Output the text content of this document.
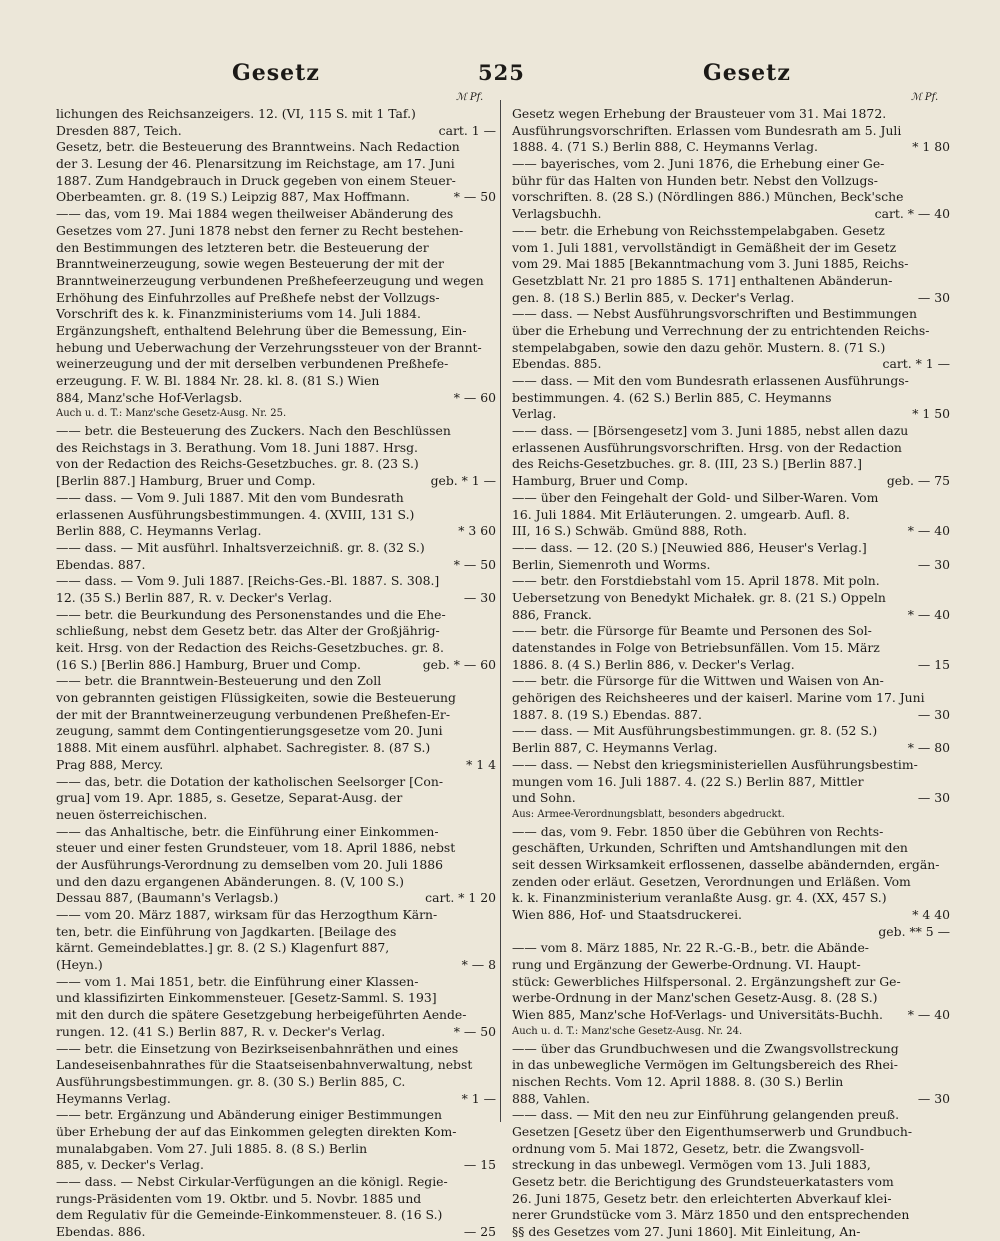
Gesetz	525	Gesetz
ℳ Pf.	ℳ Pf.
lichungen des Reichsanzeigers. 12. (VI, 115 S. mit 1 Taf.)
Dresden 887, Teich.	cart. 1 —
Gesetz, betr. die Besteuerung des Branntweins. Nach Redaction
der 3. Lesung der 46. Plenarsitzung im Reichstage, am 17. Juni
1887. Zum Handgebrauch in Druck gegeben von einem Steuer-
Oberbeamten. gr. 8. (19 S.) Leipzig 887, Max Hoffmann.	* — 50
—— das, vom 19. Mai 1884 wegen theilweiser Abänderung des
Gesetzes vom 27. Juni 1878 nebst den ferner zu Recht bestehen-
den Bestimmungen des letzteren betr. die Besteuerung der
Branntweinerzeugung, sowie wegen Besteuerung der mit der
Branntweinerzeugung verbundenen Preßhefeerzeugung und wegen
Erhöhung des Einfuhrzolles auf Preßhefe nebst der Vollzugs-
Vorschrift des k. k. Finanzministeriums vom 14. Juli 1884.
Ergänzungsheft, enthaltend Belehrung über die Bemessung, Ein-
hebung und Ueberwachung der Verzehrungssteuer von der Brannt-
weinerzeugung und der mit derselben verbundenen Preßhefe-
erzeugung. F. W. Bl. 1884 Nr. 28. kl. 8. (81 S.) Wien
884, Manz'sche Hof-Verlagsb.	* — 60
Auch u. d. T.: Manz'sche Gesetz-Ausg. Nr. 25.
—— betr. die Besteuerung des Zuckers. Nach den Beschlüssen
des Reichstags in 3. Berathung. Vom 18. Juni 1887. Hrsg.
von der Redaction des Reichs-Gesetzbuches. gr. 8. (23 S.)
[Berlin 887.] Hamburg, Bruer und Comp.	geb. * 1 —
—— dass. — Vom 9. Juli 1887. Mit den vom Bundesrath
erlassenen Ausführungsbestimmungen. 4. (XVIII, 131 S.)
Berlin 888, C. Heymanns Verlag.	* 3 60
—— dass. — Mit ausführl. Inhaltsverzeichniß. gr. 8. (32 S.)
Ebendas. 887.	* — 50
—— dass. — Vom 9. Juli 1887. [Reichs-Ges.-Bl. 1887. S. 308.]
12. (35 S.) Berlin 887, R. v. Decker's Verlag.	— 30
—— betr. die Beurkundung des Personenstandes und die Ehe-
schließung, nebst dem Gesetz betr. das Alter der Großjährig-
keit. Hrsg. von der Redaction des Reichs-Gesetzbuches. gr. 8.
(16 S.) [Berlin 886.] Hamburg, Bruer und Comp.	geb. * — 60
—— betr. die Branntwein-Besteuerung und den Zoll
von gebrannten geistigen Flüssigkeiten, sowie die Besteuerung
der mit der Branntweinerzeugung verbundenen Preßhefen-Er-
zeugung, sammt dem Contingentierungsgesetze vom 20. Juni
1888. Mit einem ausführl. alphabet. Sachregister. 8. (87 S.)
Prag 888, Mercy.	* 1 4
—— das, betr. die Dotation der katholischen Seelsorger [Con-
grua] vom 19. Apr. 1885, s. Gesetze, Separat-Ausg. der
neuen österreichischen.
—— das Anhaltische, betr. die Einführung einer Einkommen-
steuer und einer festen Grundsteuer, vom 18. April 1886, nebst
der Ausführungs-Verordnung zu demselben vom 20. Juli 1886
und den dazu ergangenen Abänderungen. 8. (V, 100 S.)
Dessau 887, (Baumann's Verlagsb.)	cart. * 1 20
—— vom 20. März 1887, wirksam für das Herzogthum Kärn-
ten, betr. die Einführung von Jagdkarten. [Beilage des
kärnt. Gemeindeblattes.] gr. 8. (2 S.) Klagenfurt 887,
(Heyn.)	* — 8
—— vom 1. Mai 1851, betr. die Einführung einer Klassen-
und klassifizirten Einkommensteuer. [Gesetz-Samml. S. 193]
mit den durch die spätere Gesetzgebung herbeigeführten Aende-
rungen. 12. (41 S.) Berlin 887, R. v. Decker's Verlag.	* — 50
—— betr. die Einsetzung von Bezirkseisenbahnräthen und eines
Landeseisenbahnrathes für die Staatseisenbahnverwaltung, nebst
Ausführungsbestimmungen. gr. 8. (30 S.) Berlin 885, C.
Heymanns Verlag.	* 1 —
—— betr. Ergänzung und Abänderung einiger Bestimmungen
über Erhebung der auf das Einkommen gelegten direkten Kom-
munalabgaben. Vom 27. Juli 1885. 8. (8 S.) Berlin
885, v. Decker's Verlag.	— 15
—— dass. — Nebst Cirkular-Verfügungen an die königl. Regie-
rungs-Präsidenten vom 19. Oktbr. und 5. Novbr. 1885 und
dem Regulativ für die Gemeinde-Einkommensteuer. 8. (16 S.)
Ebendas. 886.	— 25
Gesetz wegen Erhebung der Brausteuer vom 31. Mai 1872.
Ausführungsvorschriften. Erlassen vom Bundesrath am 5. Juli
1888. 4. (71 S.) Berlin 888, C. Heymanns Verlag.	* 1 80
—— bayerisches, vom 2. Juni 1876, die Erhebung einer Ge-
bühr für das Halten von Hunden betr. Nebst den Vollzugs-
vorschriften. 8. (28 S.) (Nördlingen 886.) München, Beck'sche
Verlagsbuchh.	cart. * — 40
—— betr. die Erhebung von Reichsstempelabgaben. Gesetz
vom 1. Juli 1881, vervollständigt in Gemäßheit der im Gesetz
vom 29. Mai 1885 [Bekanntmachung vom 3. Juni 1885, Reichs-
Gesetzblatt Nr. 21 pro 1885 S. 171] enthaltenen Abänderun-
gen. 8. (18 S.) Berlin 885, v. Decker's Verlag.	— 30
—— dass. — Nebst Ausführungsvorschriften und Bestimmungen
über die Erhebung und Verrechnung der zu entrichtenden Reichs-
stempelabgaben, sowie den dazu gehör. Mustern. 8. (71 S.)
Ebendas. 885.	cart. * 1 —
—— dass. — Mit den vom Bundesrath erlassenen Ausführungs-
bestimmungen. 4. (62 S.) Berlin 885, C. Heymanns
Verlag.	* 1 50
—— dass. — [Börsengesetz] vom 3. Juni 1885, nebst allen dazu
erlassenen Ausführungsvorschriften. Hrsg. von der Redaction
des Reichs-Gesetzbuches. gr. 8. (III, 23 S.) [Berlin 887.]
Hamburg, Bruer und Comp.	geb. — 75
—— über den Feingehalt der Gold- und Silber-Waren. Vom
16. Juli 1884. Mit Erläuterungen. 2. umgearb. Aufl. 8.
III, 16 S.) Schwäb. Gmünd 888, Roth.	* — 40
—— dass. — 12. (20 S.) [Neuwied 886, Heuser's Verlag.]
Berlin, Siemenroth und Worms.	— 30
—— betr. den Forstdiebstahl vom 15. April 1878. Mit poln.
Uebersetzung von Benedykt Michałek. gr. 8. (21 S.) Oppeln
886, Franck.	* — 40
—— betr. die Fürsorge für Beamte und Personen des Sol-
datenstandes in Folge von Betriebsunfällen. Vom 15. März
1886. 8. (4 S.) Berlin 886, v. Decker's Verlag.	— 15
—— betr. die Fürsorge für die Wittwen und Waisen von An-
gehörigen des Reichsheeres und der kaiserl. Marine vom 17. Juni
1887. 8. (19 S.) Ebendas. 887.	— 30
—— dass. — Mit Ausführungsbestimmungen. gr. 8. (52 S.)
Berlin 887, C. Heymanns Verlag.	* — 80
—— dass. — Nebst den kriegsministeriellen Ausführungsbestim-
mungen vom 16. Juli 1887. 4. (22 S.) Berlin 887, Mittler
und Sohn.	— 30
Aus: Armee-Verordnungsblatt, besonders abgedruckt.
—— das, vom 9. Febr. 1850 über die Gebühren von Rechts-
geschäften, Urkunden, Schriften und Amtshandlungen mit den
seit dessen Wirksamkeit erflossenen, dasselbe abändernden, ergän-
zenden oder erläut. Gesetzen, Verordnungen und Erläßen. Vom
k. k. Finanzministerium veranlaßte Ausg. gr. 4. (XX, 457 S.)
Wien 886, Hof- und Staatsdruckerei.	* 4 40
geb. ** 5 —
—— vom 8. März 1885, Nr. 22 R.-G.-B., betr. die Abände-
rung und Ergänzung der Gewerbe-Ordnung. VI. Haupt-
stück: Gewerbliches Hilfspersonal. 2. Ergänzungsheft zur Ge-
werbe-Ordnung in der Manz'schen Gesetz-Ausg. 8. (28 S.)
Wien 885, Manz'sche Hof-Verlags- und Universitäts-Buchh. * — 40
Auch u. d. T.: Manz'sche Gesetz-Ausg. Nr. 24.
—— über das Grundbuchwesen und die Zwangsvollstreckung
in das unbewegliche Vermögen im Geltungsbereich des Rhei-
nischen Rechts. Vom 12. April 1888. 8. (30 S.) Berlin
888, Vahlen.	— 30
—— dass. — Mit den neu zur Einführung gelangenden preuß.
Gesetzen [Gesetz über den Eigenthumserwerb und Grundbuch-
ordnung vom 5. Mai 1872, Gesetz, betr. die Zwangsvoll-
streckung in das unbewegl. Vermögen vom 13. Juli 1883,
Gesetz betr. die Berichtigung des Grundsteuerkatasters vom
26. Juni 1875, Gesetz betr. den erleichterten Abverkauf klei-
nerer Grundstücke vom 3. März 1850 und den entsprechenden
§§ des Gesetzes vom 27. Juni 1860]. Mit Einleitung, An-
